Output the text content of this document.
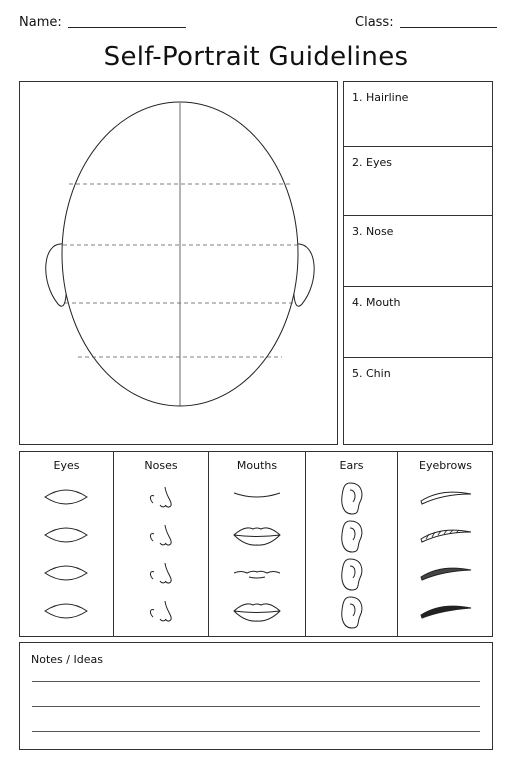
Name:	Class:
Self-Portrait Guidelines
1. Hairline
2. Eyes
3. Nose
4. Mouth
5. Chin
Eyes	Noses	Mouths	Ears	Eyebrows
Notes / Ideas
